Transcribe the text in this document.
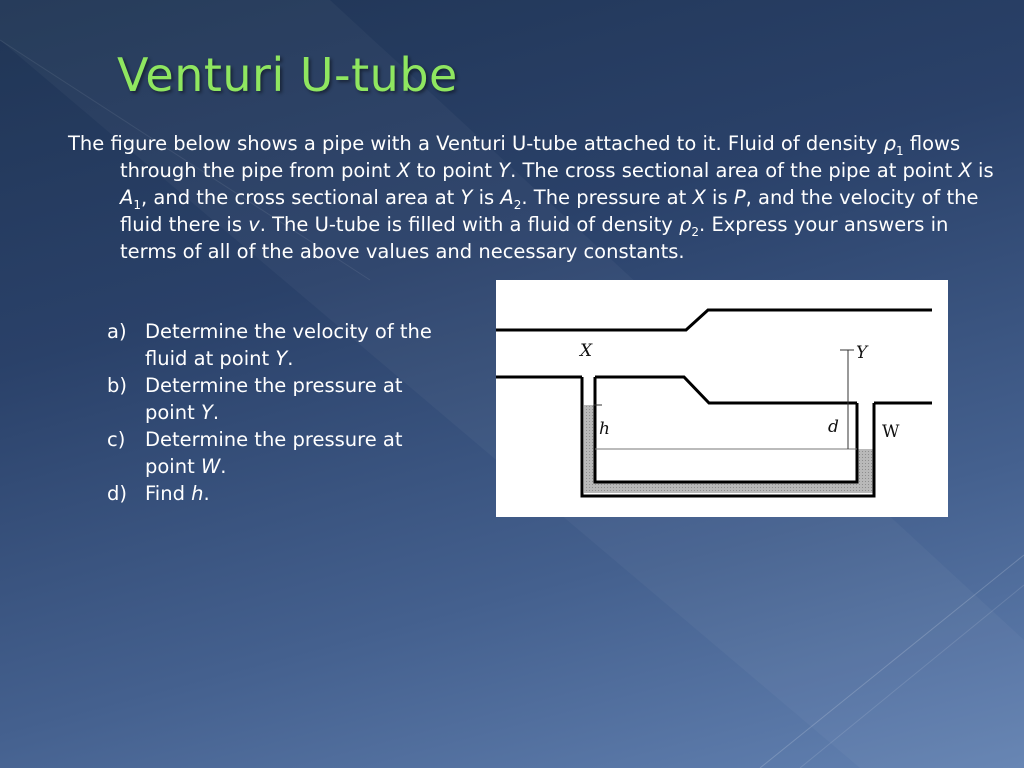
Venturi U-tube

The figure below shows a pipe with a Venturi U-tube attached to it. Fluid of density $\rho_1$ flows through the pipe from point X to point Y. The cross sectional area of the pipe at point X is $A_1$, and the cross sectional area at Y is $A_2$. The pressure at X is P, and the velocity of the fluid there is v. The U-tube is filled with a fluid of density $\rho_2$. Express your answers in terms of all of the above values and necessary constants.

a) Determine the velocity of the fluid at point Y.
b) Determine the pressure at point Y.
c) Determine the pressure at point W.
d) Find h.
X	Y
h	d	W
